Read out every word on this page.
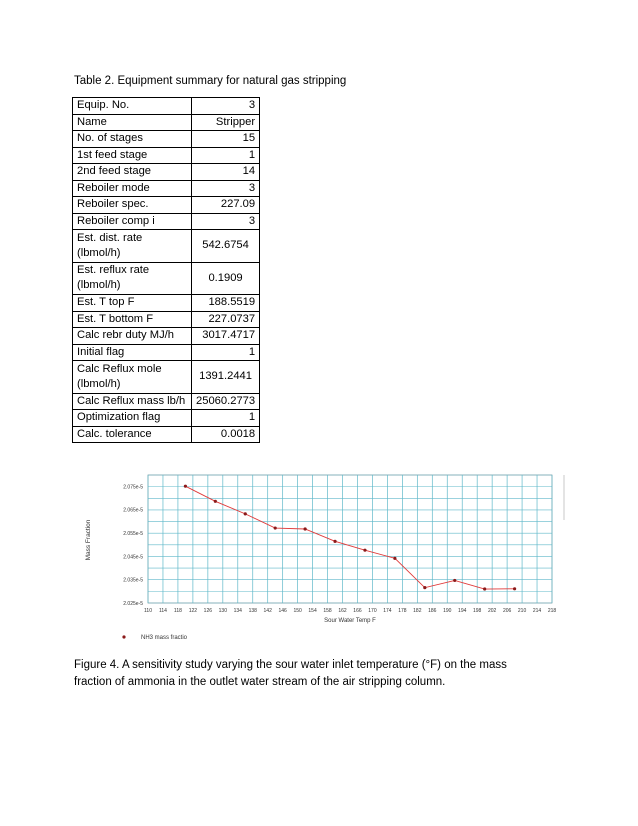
Table 2. Equipment summary for natural gas stripping
Equip. No.	3
Name	Stripper
No. of stages	15
1st feed stage	1
2nd feed stage	14
Reboiler mode	3
Reboiler spec.	227.09
Reboiler comp i	3
Est. dist. rate (lbmol/h)	542.6754
Est. reflux rate (lbmol/h)	0.1909
Est. T top F	188.5519
Est. T bottom F	227.0737
Calc rebr duty MJ/h	3017.4717
Initial flag	1
Calc Reflux mole (lbmol/h)	1391.2441
Calc Reflux mass lb/h	25060.2773
Optimization flag	1
Calc. tolerance	0.0018
2.025e-5
2.035e-5
2.045e-5
2.055e-5
2.065e-5
2.075e-5
110 114 118 122 126 130 134 138 142 146 150 154 158 162 166 170 174 178 182 186 190 194 198 202 206 210 214 218
Mass Fraction
Sour Water Temp F
NH3 mass fractio
Figure 4. A sensitivity study varying the sour water inlet temperature (°F) on the mass fraction of ammonia in the outlet water stream of the air stripping column.
